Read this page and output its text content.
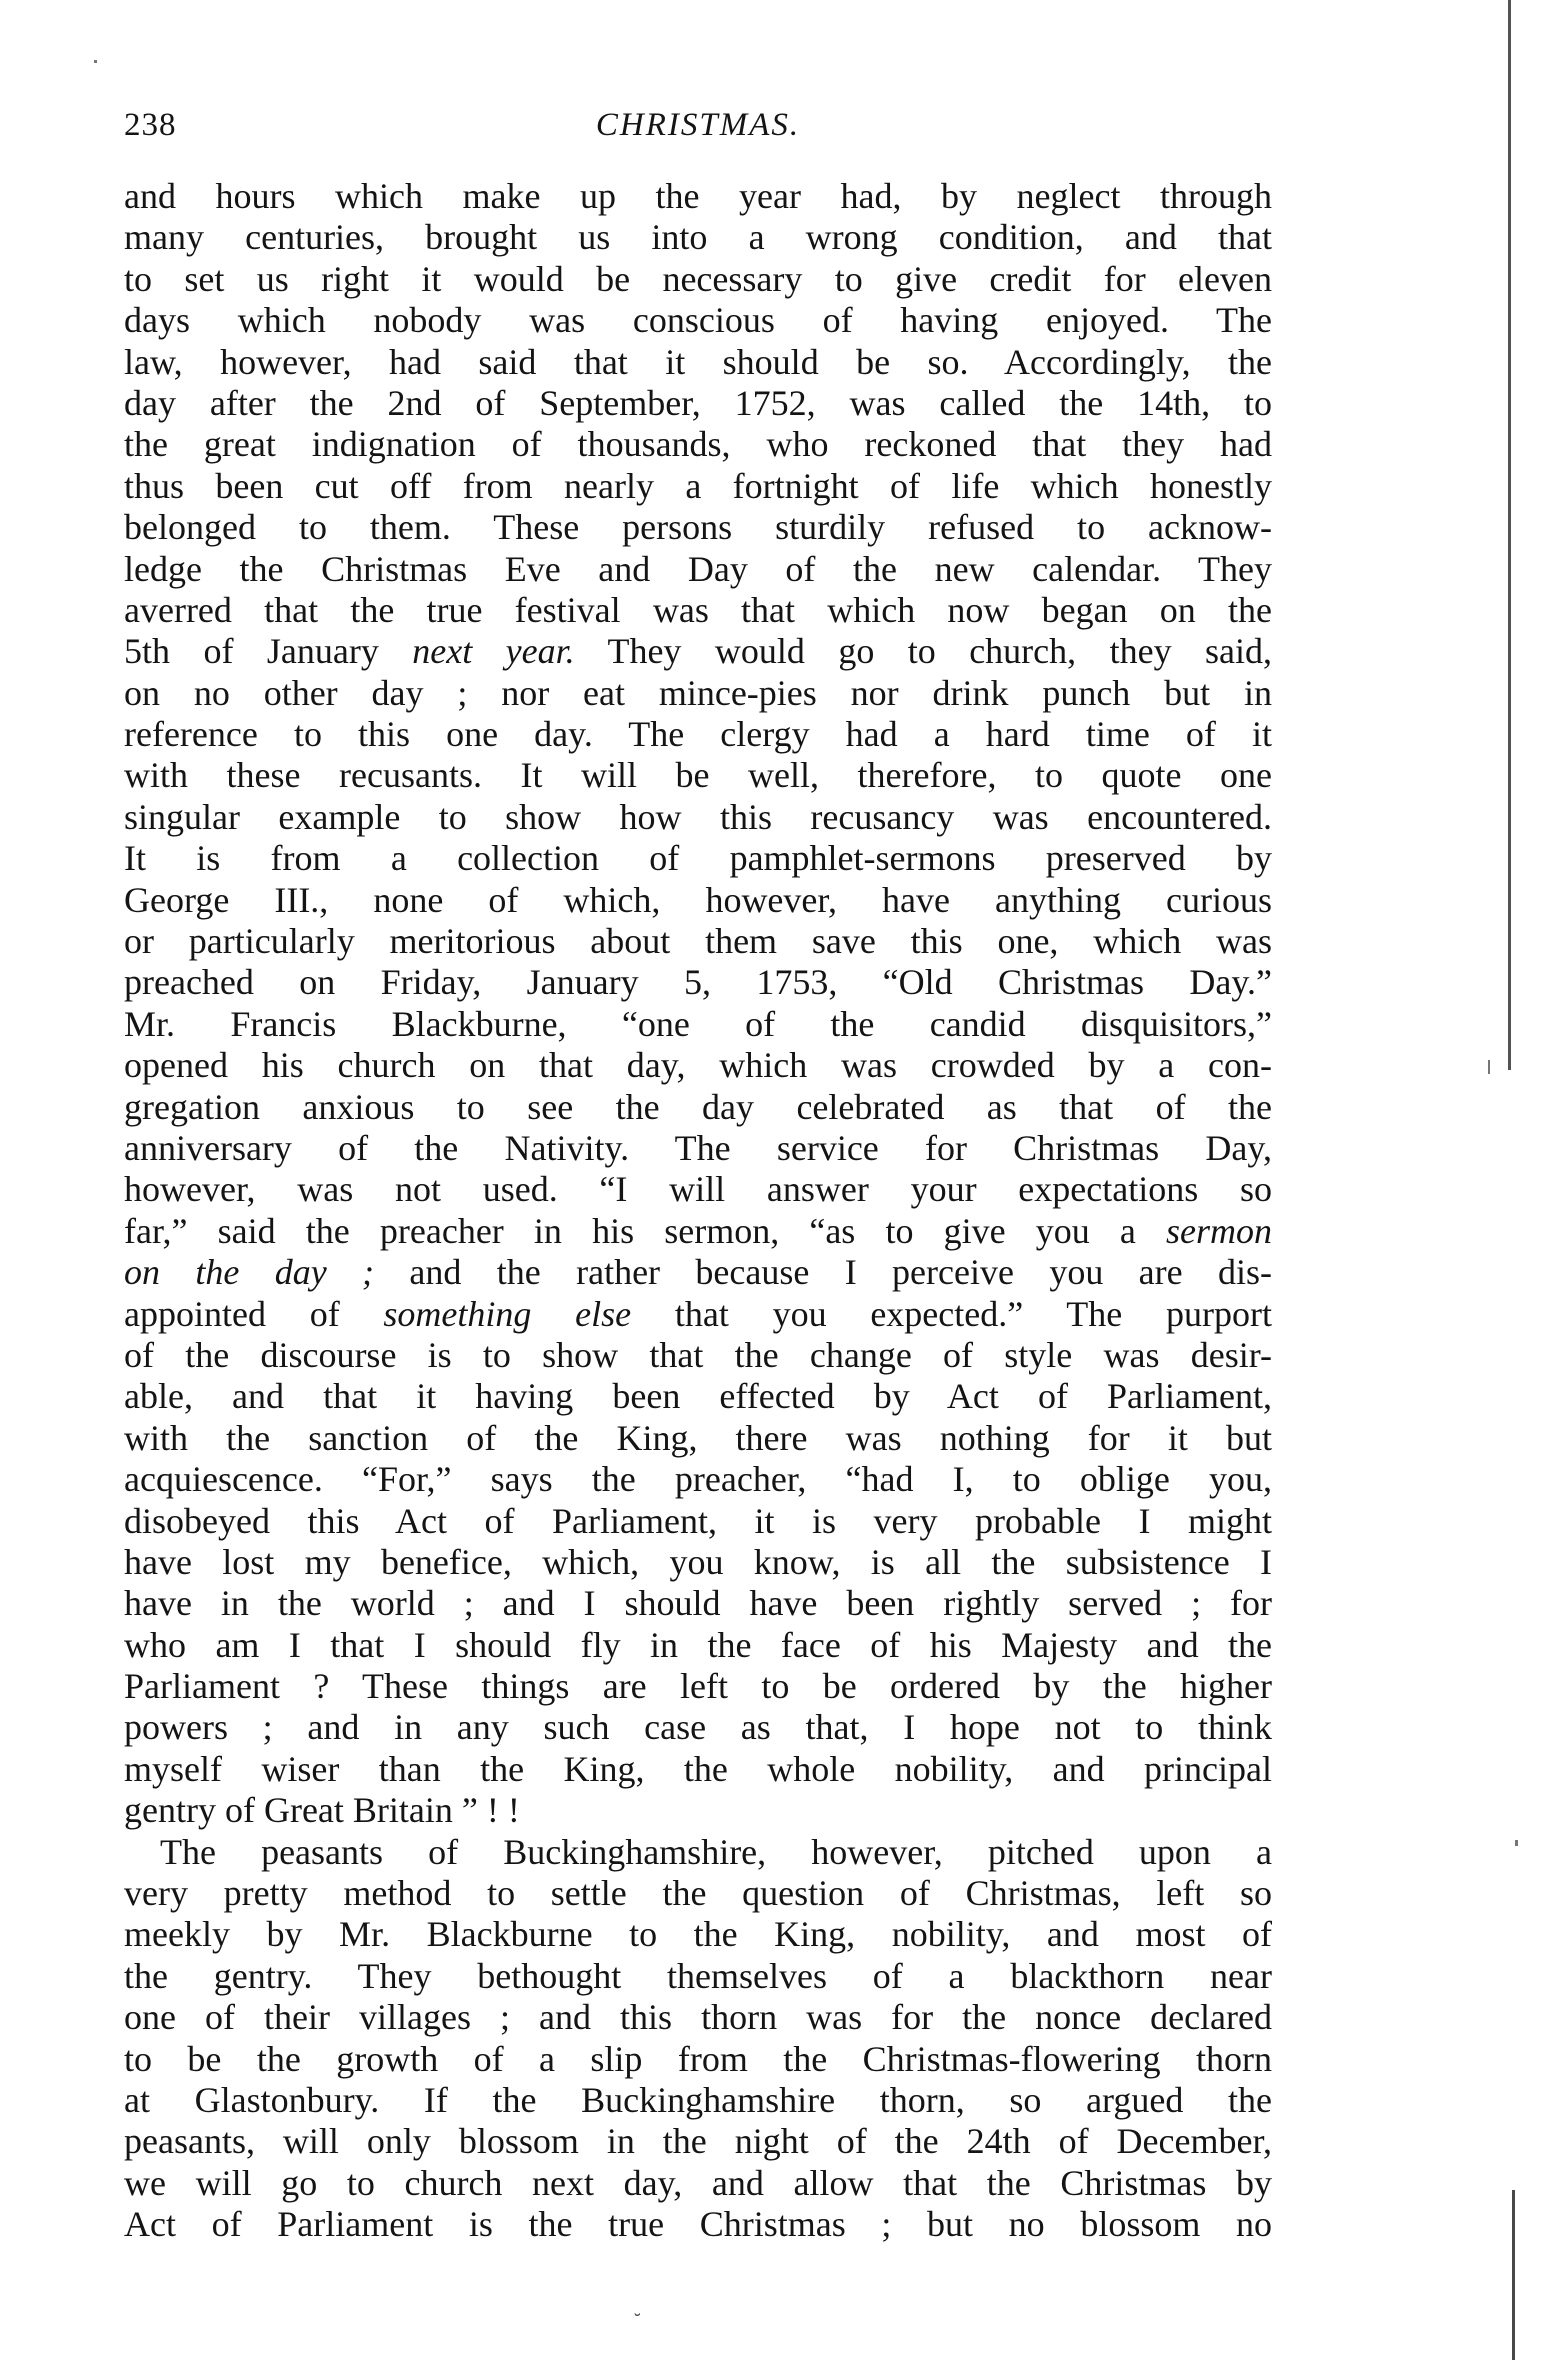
238	CHRISTMAS.
and hours which make up the year had, by neglect through
many centuries, brought us into a wrong condition, and that
to set us right it would be necessary to give credit for eleven
days which nobody was conscious of having enjoyed. The
law, however, had said that it should be so. Accordingly, the
day after the 2nd of September, 1752, was called the 14th, to
the great indignation of thousands, who reckoned that they had
thus been cut off from nearly a fortnight of life which honestly
belonged to them. These persons sturdily refused to acknow-
ledge the Christmas Eve and Day of the new calendar. They
averred that the true festival was that which now began on the
5th of January next year. They would go to church, they said,
on no other day ; nor eat mince-pies nor drink punch but in
reference to this one day. The clergy had a hard time of it
with these recusants. It will be well, therefore, to quote one
singular example to show how this recusancy was encountered.
It is from a collection of pamphlet-sermons preserved by
George III., none of which, however, have anything curious
or particularly meritorious about them save this one, which was
preached on Friday, January 5, 1753, “Old Christmas Day.”
Mr. Francis Blackburne, “one of the candid disquisitors,”
opened his church on that day, which was crowded by a con-
gregation anxious to see the day celebrated as that of the
anniversary of the Nativity. The service for Christmas Day,
however, was not used. “I will answer your expectations so
far,” said the preacher in his sermon, “as to give you a sermon
on the day ; and the rather because I perceive you are dis-
appointed of something else that you expected.” The purport
of the discourse is to show that the change of style was desir-
able, and that it having been effected by Act of Parliament,
with the sanction of the King, there was nothing for it but
acquiescence. “For,” says the preacher, “had I, to oblige you,
disobeyed this Act of Parliament, it is very probable I might
have lost my benefice, which, you know, is all the subsistence I
have in the world ; and I should have been rightly served ; for
who am I that I should fly in the face of his Majesty and the
Parliament ? These things are left to be ordered by the higher
powers ; and in any such case as that, I hope not to think
myself wiser than the King, the whole nobility, and principal
gentry of Great Britain ” ! !
The peasants of Buckinghamshire, however, pitched upon a
very pretty method to settle the question of Christmas, left so
meekly by Mr. Blackburne to the King, nobility, and most of
the gentry. They bethought themselves of a blackthorn near
one of their villages ; and this thorn was for the nonce declared
to be the growth of a slip from the Christmas-flowering thorn
at Glastonbury. If the Buckinghamshire thorn, so argued the
peasants, will only blossom in the night of the 24th of December,
we will go to church next day, and allow that the Christmas by
Act of Parliament is the true Christmas ; but no blossom no
˘
